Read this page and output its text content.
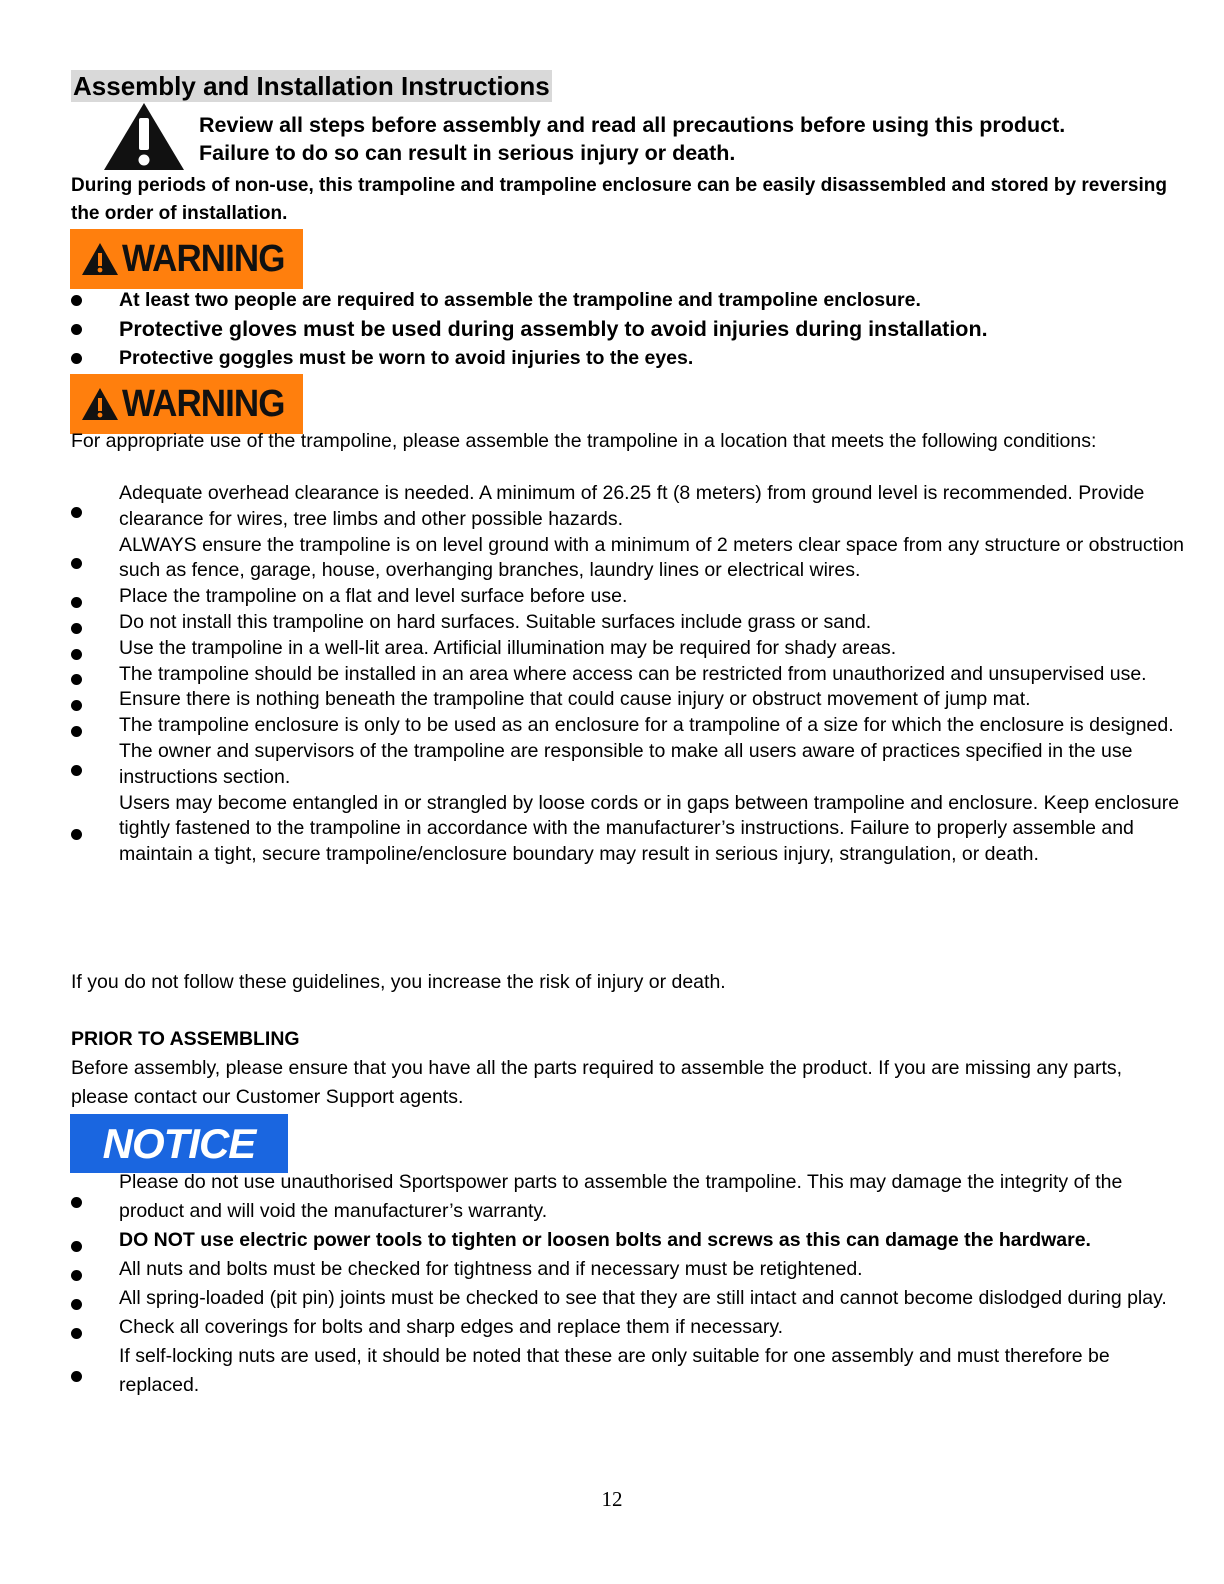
Assembly and Installation Instructions
Review all steps before assembly and read all precautions before using this product. Failure to do so can result in serious injury or death.
During periods of non-use, this trampoline and trampoline enclosure can be easily disassembled and stored by reversing the order of installation.
WARNING
At least two people are required to assemble the trampoline and trampoline enclosure.
Protective gloves must be used during assembly to avoid injuries during installation.
Protective goggles must be worn to avoid injuries to the eyes.
WARNING
For appropriate use of the trampoline, please assemble the trampoline in a location that meets the following conditions:
Adequate overhead clearance is needed. A minimum of 26.25 ft (8 meters) from ground level is recommended. Provide clearance for wires, tree limbs and other possible hazards.
ALWAYS ensure the trampoline is on level ground with a minimum of 2 meters clear space from any structure or obstruction such as fence, garage, house, overhanging branches, laundry lines or electrical wires.
Place the trampoline on a flat and level surface before use.
Do not install this trampoline on hard surfaces. Suitable surfaces include grass or sand.
Use the trampoline in a well-lit area. Artificial illumination may be required for shady areas.
The trampoline should be installed in an area where access can be restricted from unauthorized and unsupervised use.
Ensure there is nothing beneath the trampoline that could cause injury or obstruct movement of jump mat.
The trampoline enclosure is only to be used as an enclosure for a trampoline of a size for which the enclosure is designed.
The owner and supervisors of the trampoline are responsible to make all users aware of practices specified in the use instructions section.
Users may become entangled in or strangled by loose cords or in gaps between trampoline and enclosure. Keep enclosure tightly fastened to the trampoline in accordance with the manufacturer’s instructions. Failure to properly assemble and maintain a tight, secure trampoline/enclosure boundary may result in serious injury, strangulation, or death.
If you do not follow these guidelines, you increase the risk of injury or death.
PRIOR TO ASSEMBLING
Before assembly, please ensure that you have all the parts required to assemble the product. If you are missing any parts, please contact our Customer Support agents.
NOTICE
Please do not use unauthorised Sportspower parts to assemble the trampoline. This may damage the integrity of the product and will void the manufacturer’s warranty.
DO NOT use electric power tools to tighten or loosen bolts and screws as this can damage the hardware.
All nuts and bolts must be checked for tightness and if necessary must be retightened.
All spring-loaded (pit pin) joints must be checked to see that they are still intact and cannot become dislodged during play.
Check all coverings for bolts and sharp edges and replace them if necessary.
If self-locking nuts are used, it should be noted that these are only suitable for one assembly and must therefore be replaced.
12
